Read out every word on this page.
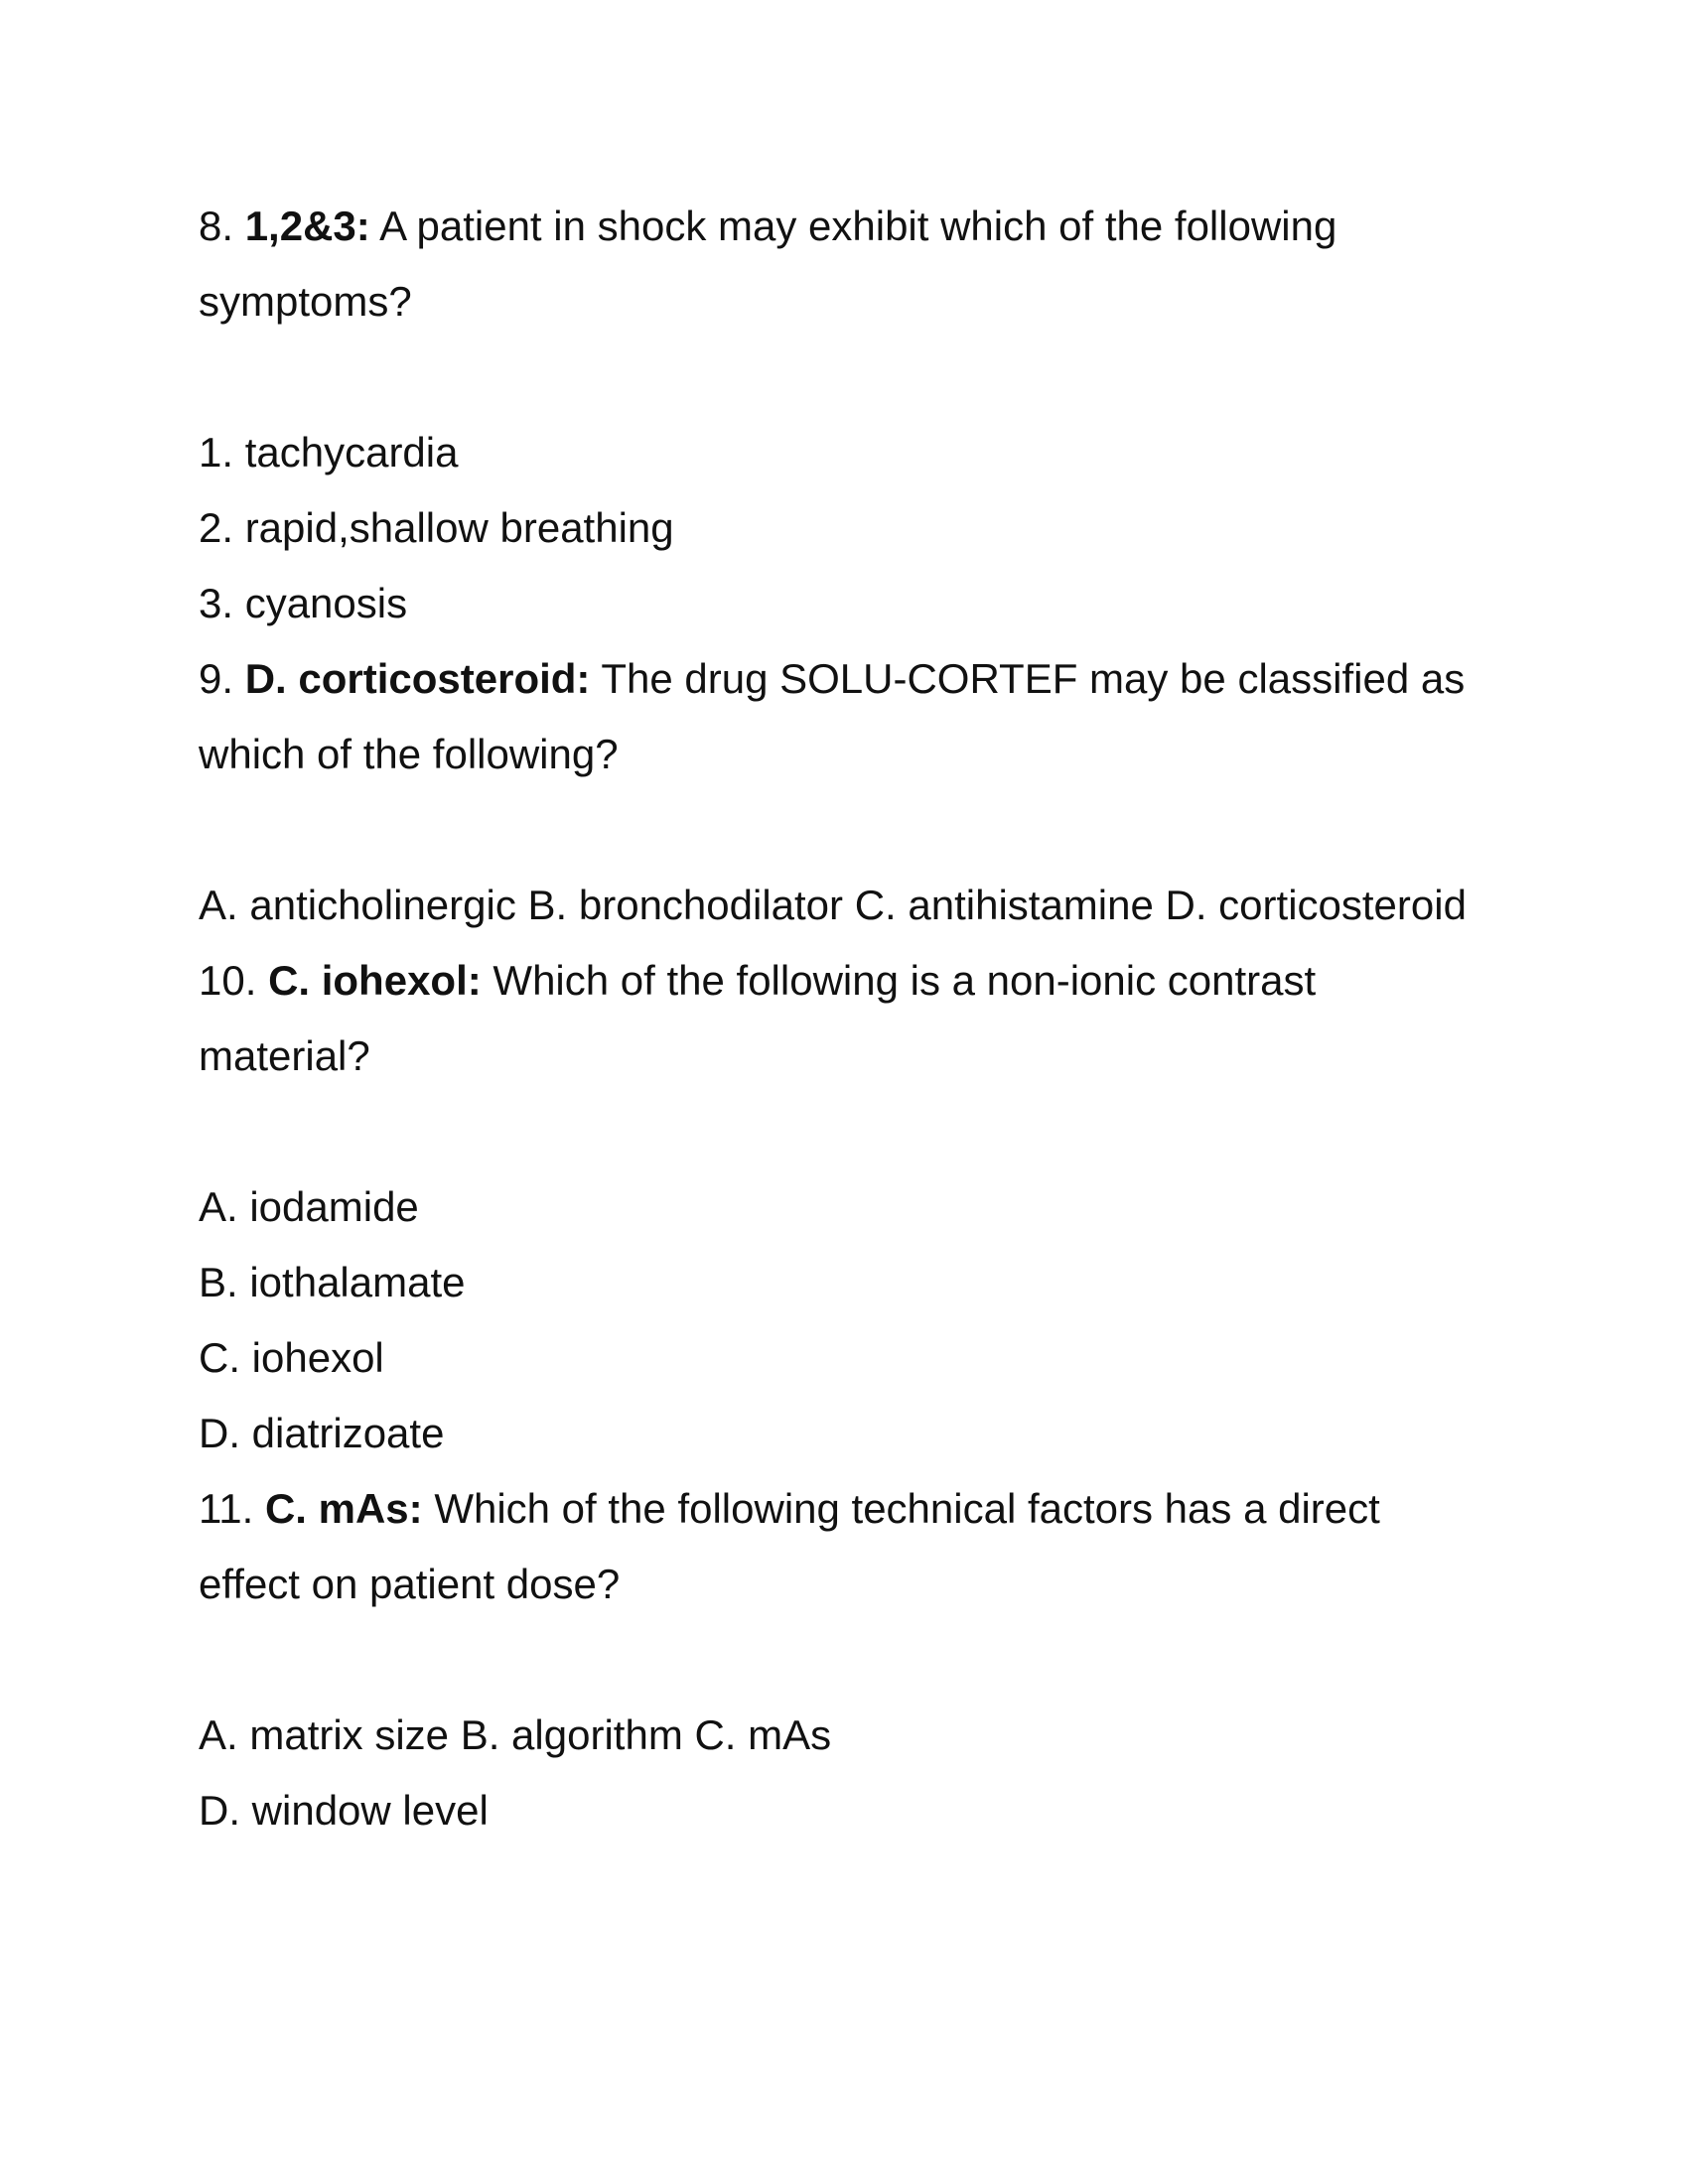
8. 1,2&3: A patient in shock may exhibit which of the following symptoms?

1. tachycardia

2. rapid,shallow breathing

3. cyanosis

9. D. corticosteroid: The drug SOLU-CORTEF may be classified as which of the following?

A. anticholinergic B. bronchodilator C. antihistamine D. corticosteroid

10. C. iohexol: Which of the following is a non-ionic contrast material?

A. iodamide

B. iothalamate

C. iohexol

D. diatrizoate

11. C. mAs: Which of the following technical factors has a direct effect on patient dose?

A. matrix size B. algorithm C. mAs

D. window level
